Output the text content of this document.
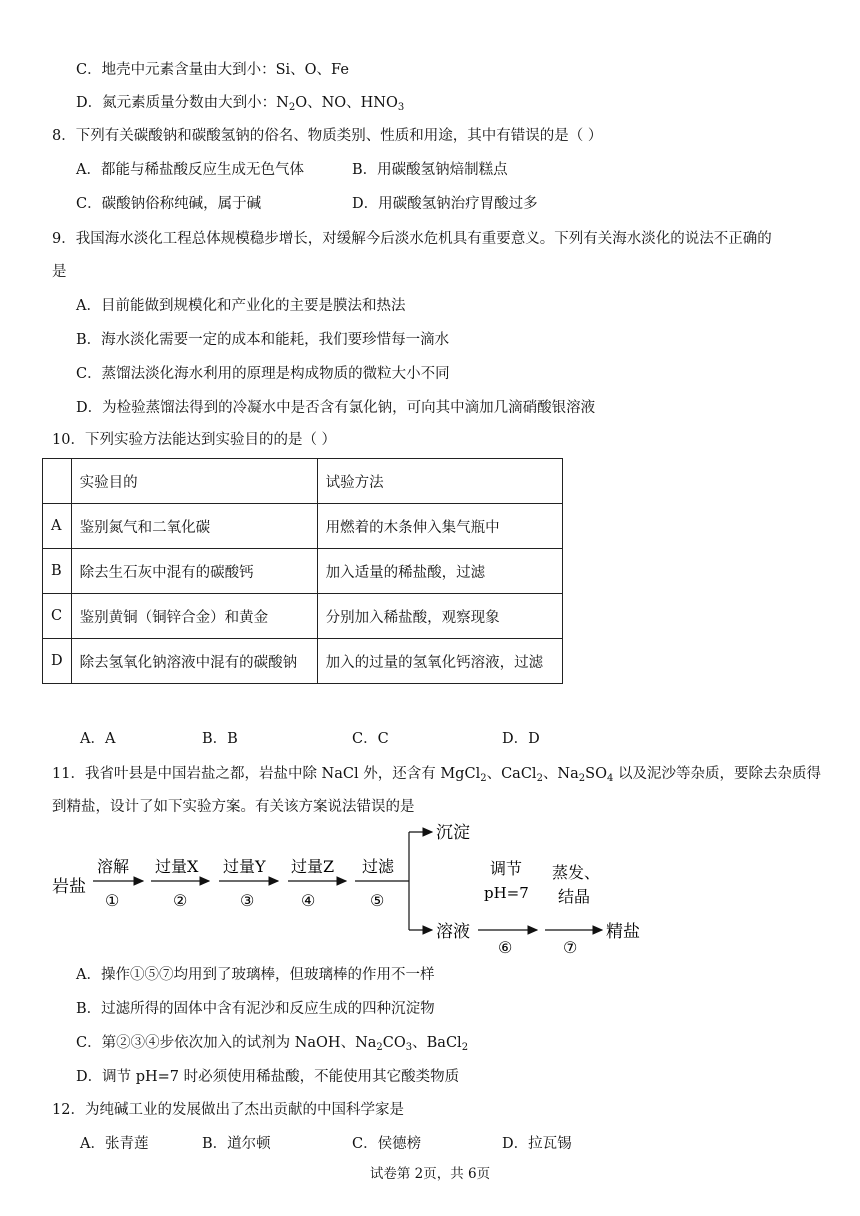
C．地壳中元素含量由大到小：Si、O、Fe
D．氮元素质量分数由大到小：$N_2O$、NO、$HNO_3$
8．下列有关碳酸钠和碳酸氢钠的俗名、物质类别、性质和用途，其中有错误的是（ ）
A．都能与稀盐酸反应生成无色气体	B．用碳酸氢钠焙制糕点
C．碳酸钠俗称纯碱，属于碱	D．用碳酸氢钠治疗胃酸过多
9．我国海水淡化工程总体规模稳步增长，对缓解今后淡水危机具有重要意义。下列有关海水淡化的说法不正确的
是
A．目前能做到规模化和产业化的主要是膜法和热法
B．海水淡化需要一定的成本和能耗，我们要珍惜每一滴水
C．蒸馏法淡化海水利用的原理是构成物质的微粒大小不同
D．为检验蒸馏法得到的冷凝水中是否含有氯化钠，可向其中滴加几滴硝酸银溶液
10．下列实验方法能达到实验目的的是（ ）
	实验目的	试验方法
A	鉴别氮气和二氧化碳	用燃着的木条伸入集气瓶中
B	除去生石灰中混有的碳酸钙	加入适量的稀盐酸，过滤
C	鉴别黄铜（铜锌合金）和黄金	分别加入稀盐酸，观察现象
D	除去氢氧化钠溶液中混有的碳酸钠	加入的过量的氢氧化钙溶液，过滤
A．A	B．B	C．C	D．D
11．我省叶县是中国岩盐之都，岩盐中除 NaCl 外，还含有 MgCl$_2$、CaCl$_2$、$Na_2SO_4$ 以及泥沙等杂质，要除去杂质得
到精盐，设计了如下实验方案。有关该方案说法错误的是
岩盐
溶解
①
过量X
②
过量Y
③
过量Z
④
过滤
⑤
沉淀
溶液
调节
pH=7
⑥
蒸发、
结晶
⑦
精盐
A．操作①⑤⑦均用到了玻璃棒，但玻璃棒的作用不一样
B．过滤所得的固体中含有泥沙和反应生成的四种沉淀物
C．第②③④步依次加入的试剂为 NaOH、$Na_2CO_3$、BaCl$_2$
D．调节 pH=7 时必须使用稀盐酸，不能使用其它酸类物质
12．为纯碱工业的发展做出了杰出贡献的中国科学家是
A．张青莲	B．道尔顿	C．侯德榜	D．拉瓦锡
试卷第 2页，共 6页
